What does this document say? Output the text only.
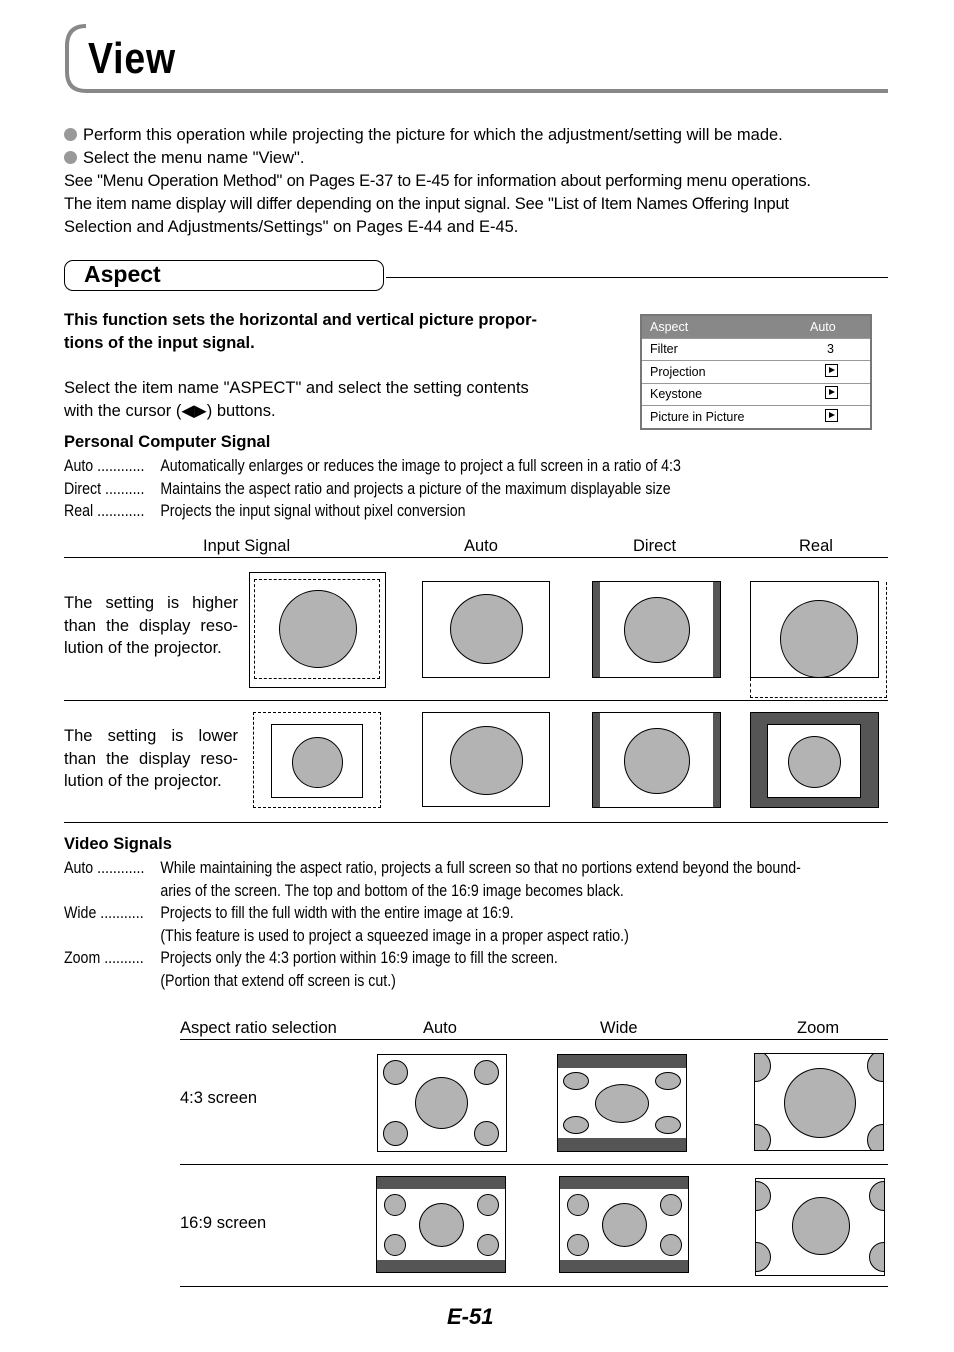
View
Perform this operation while projecting the picture for which the adjustment/setting will be made.
Select the menu name "View".
See "Menu Operation Method" on Pages E-37 to E-45 for information about performing menu operations.
The item name display will differ depending on the input signal. See "List of Item Names Offering Input
Selection and Adjustments/Settings" on Pages E-44 and E-45.
Aspect
This function sets the horizontal and vertical picture propor-
tions of the input signal.
Select the item name "ASPECT" and select the setting contents
with the cursor (◀▶) buttons.
Aspect	Auto
Filter	3
Projection
Keystone
Picture in Picture
Personal Computer Signal
Auto ............ Automatically enlarges or reduces the image to project a full screen in a ratio of 4:3
Direct .......... Maintains the aspect ratio and projects a picture of the maximum displayable size
Real ............ Projects the input signal without pixel conversion
Input Signal	Auto	Direct	Real
The setting is higher than the display reso-lution of the projector.
The setting is lower than the display reso-lution of the projector.
Video Signals
Auto ............ While maintaining the aspect ratio, projects a full screen so that no portions extend beyond the bound-
aries of the screen. The top and bottom of the 16:9 image becomes black.
Wide ...........	Projects to fill the full width with the entire image at 16:9.
(This feature is used to project a squeezed image in a proper aspect ratio.)
Zoom ..........	Projects only the 4:3 portion within 16:9 image to fill the screen.
(Portion that extend off screen is cut.)
Aspect ratio selection	Auto	Wide	Zoom
4:3 screen
16:9 screen
E-51
